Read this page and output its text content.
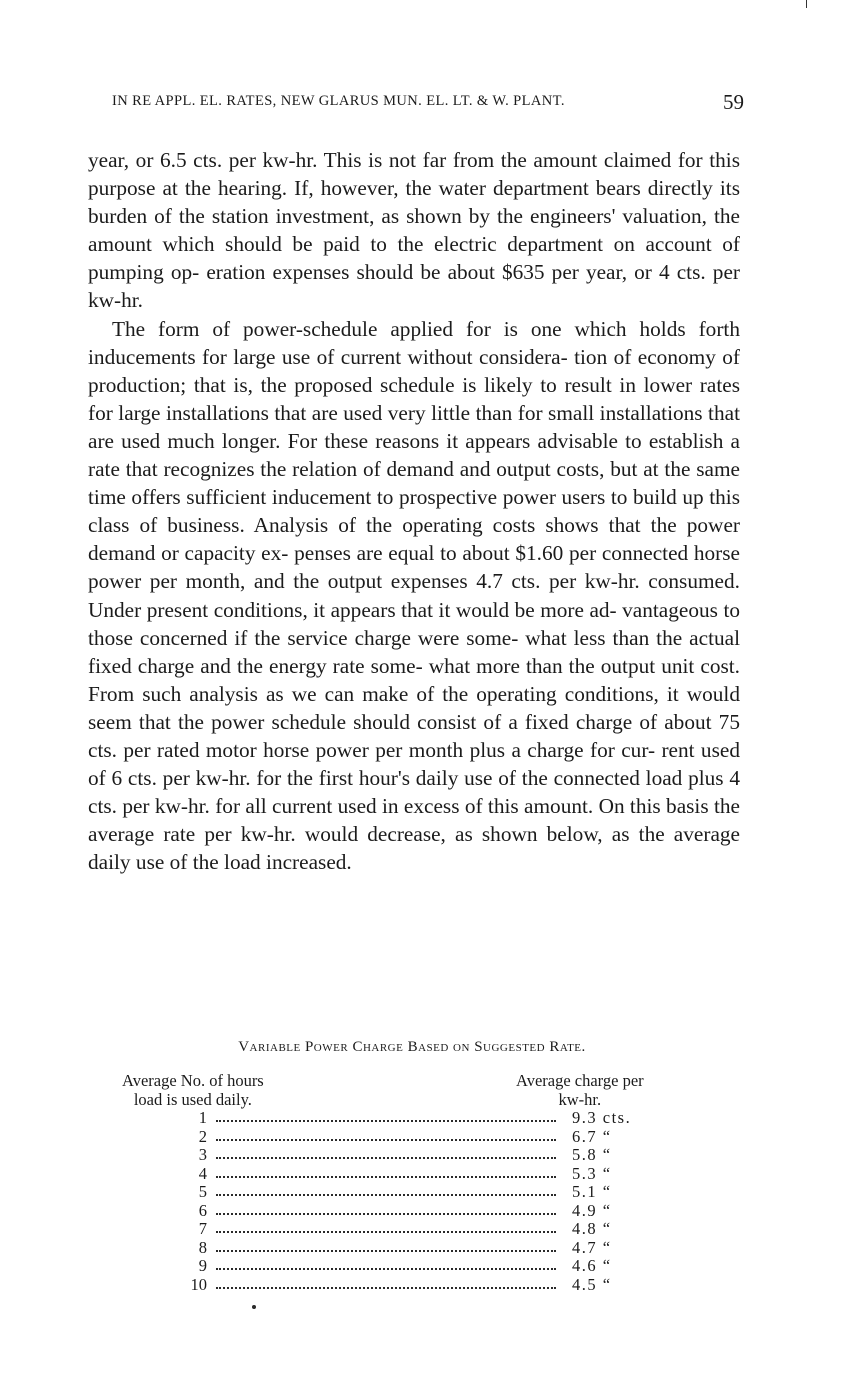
IN RE APPL. EL. RATES, NEW GLARUS MUN. EL. LT. & W. PLANT.	59

year, or 6.5 cts. per kw-hr. This is not far from the amount claimed for this purpose at the hearing. If, however, the water department bears directly its burden of the station investment, as shown by the engineers' valuation, the amount which should be paid to the electric department on account of pumping op- eration expenses should be about $635 per year, or 4 cts. per kw-hr.

The form of power-schedule applied for is one which holds forth inducements for large use of current without considera- tion of economy of production; that is, the proposed schedule is likely to result in lower rates for large installations that are used very little than for small installations that are used much longer. For these reasons it appears advisable to establish a rate that recognizes the relation of demand and output costs, but at the same time offers sufficient inducement to prospective power users to build up this class of business. Analysis of the operating costs shows that the power demand or capacity ex- penses are equal to about $1.60 per connected horse power per month, and the output expenses 4.7 cts. per kw-hr. consumed. Under present conditions, it appears that it would be more ad- vantageous to those concerned if the service charge were some- what less than the actual fixed charge and the energy rate some- what more than the output unit cost. From such analysis as we can make of the operating conditions, it would seem that the power schedule should consist of a fixed charge of about 75 cts. per rated motor horse power per month plus a charge for cur- rent used of 6 cts. per kw-hr. for the first hour's daily use of the connected load plus 4 cts. per kw-hr. for all current used in excess of this amount. On this basis the average rate per kw-hr. would decrease, as shown below, as the average daily use of the load increased.

Variable Power Charge Based on Suggested Rate.
Average No. of hours
load is used daily.
Average charge per
kw-hr.
1	9.3 cts.
2	6.7 “
3	5.8 “
4	5.3 “
5	5.1 “
6	4.9 “
7	4.8 “
8	4.7 “
9	4.6 “
10	4.5 “
